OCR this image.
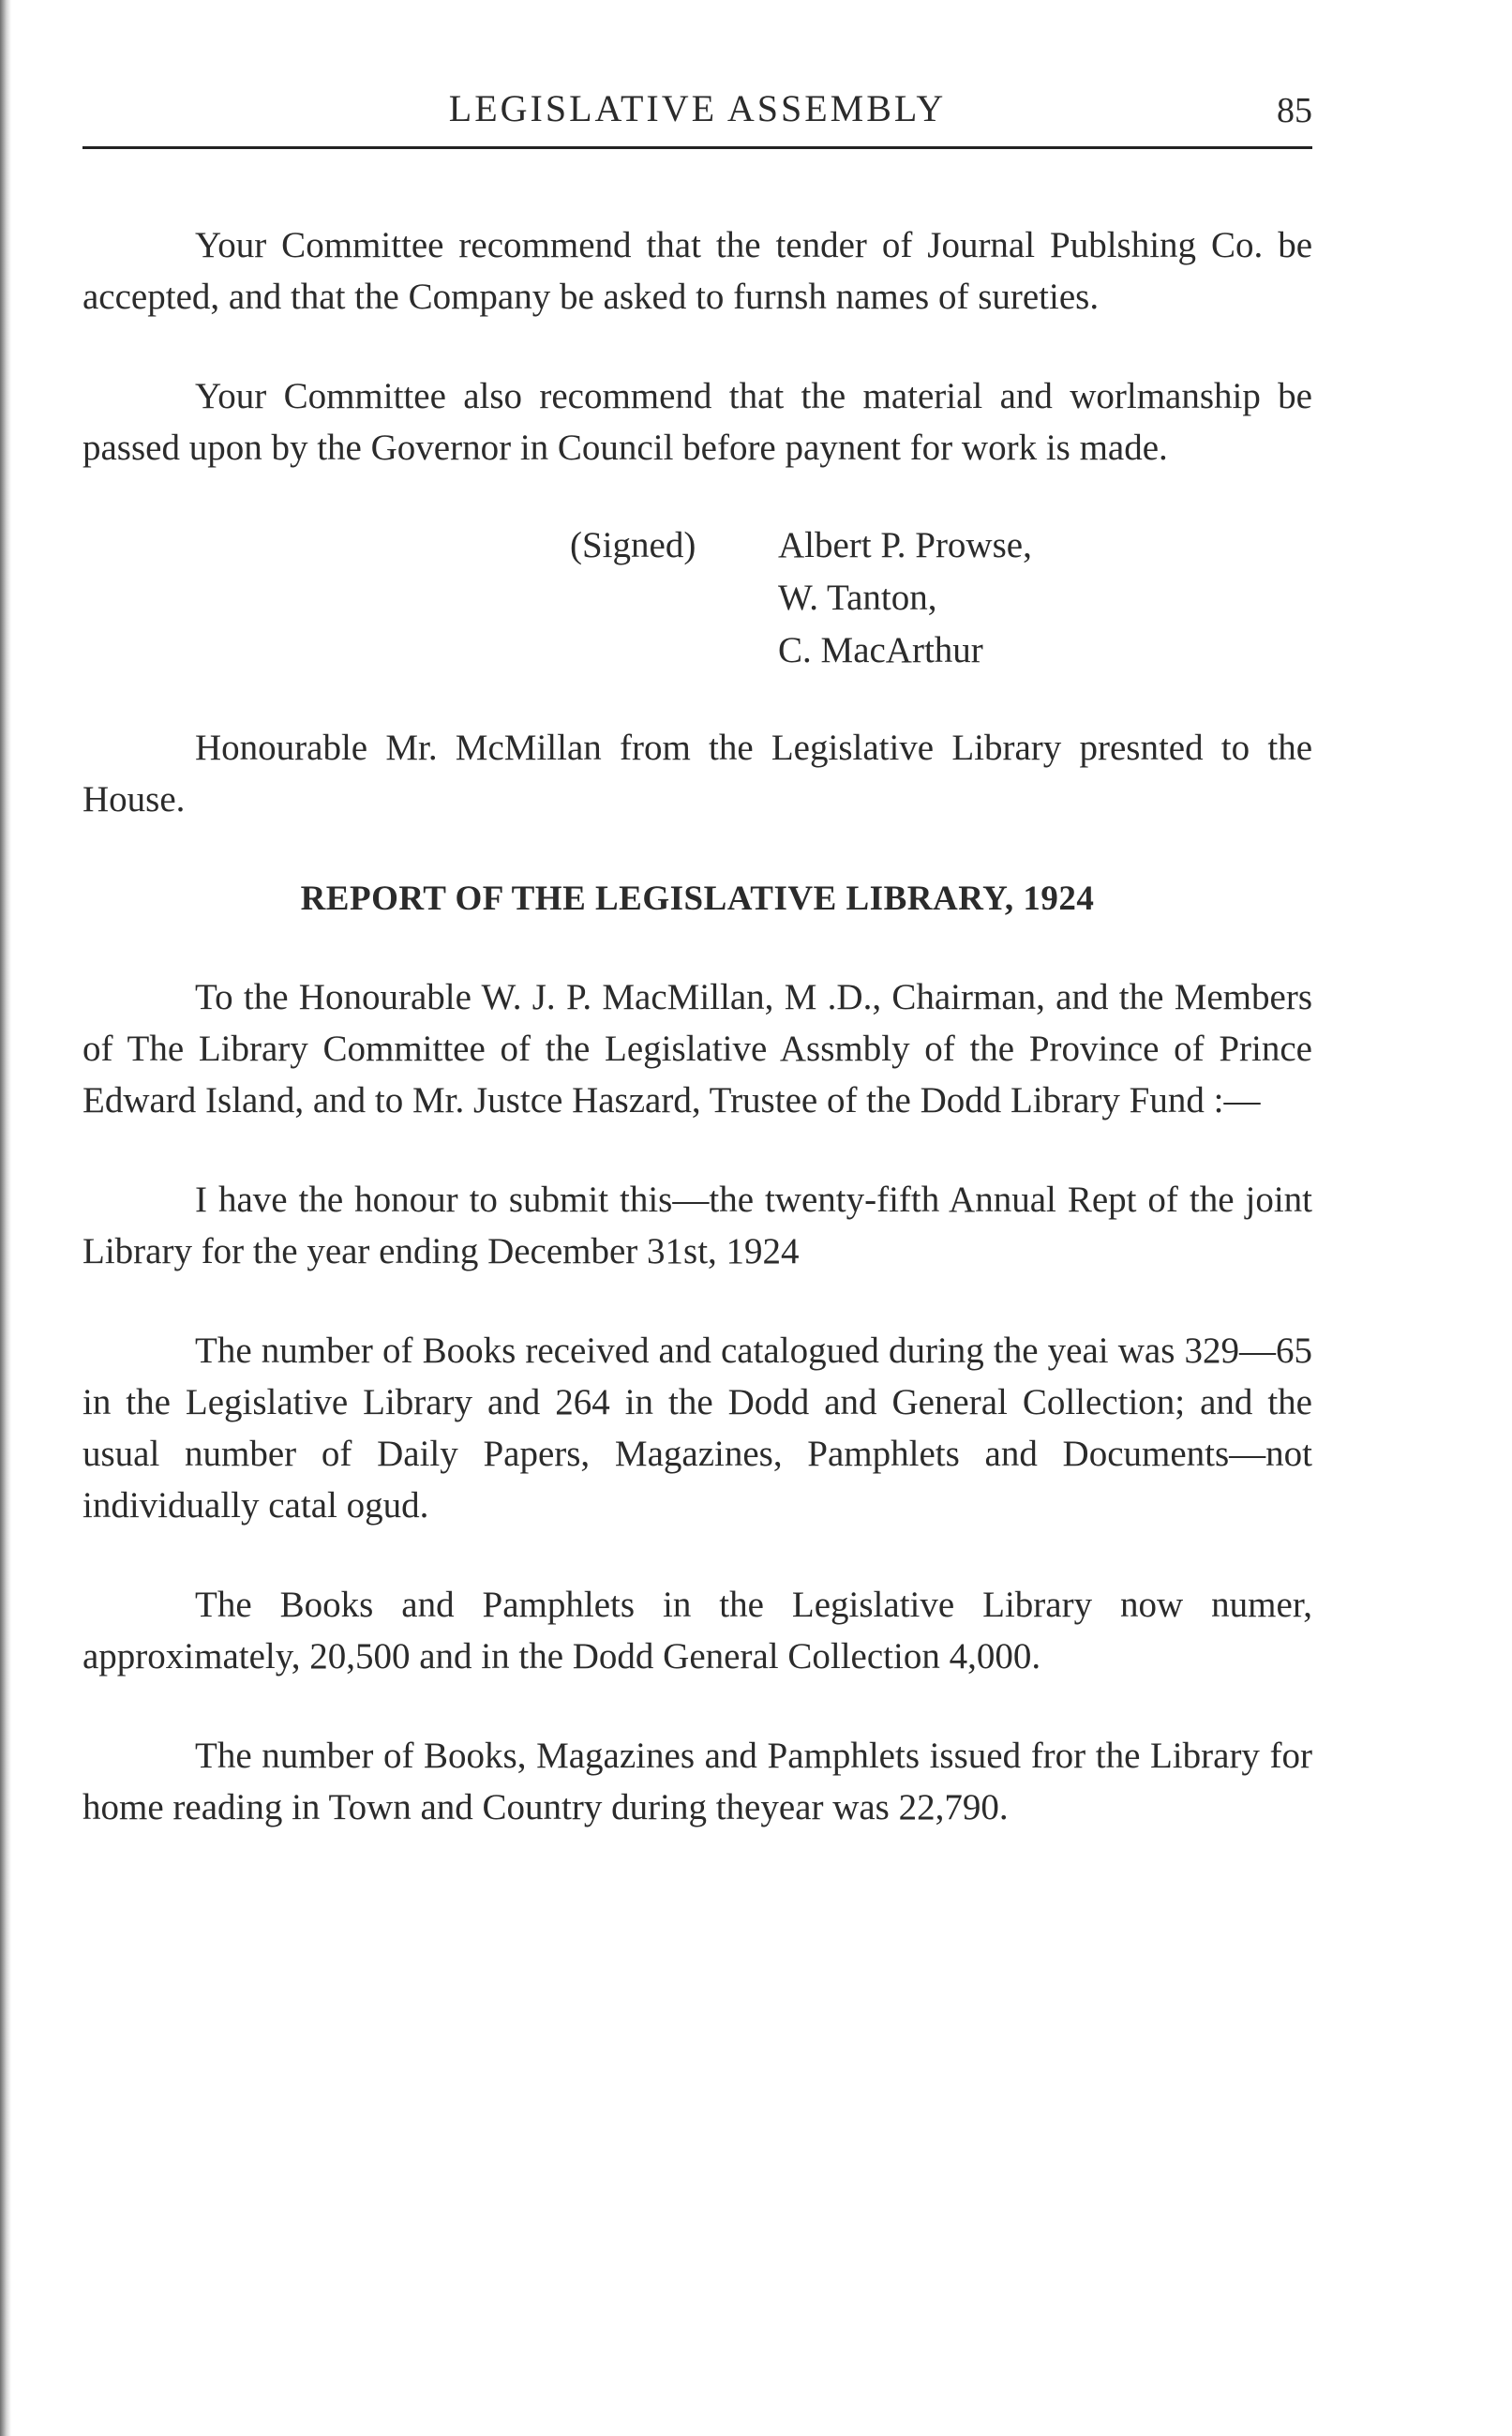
LEGISLATIVE ASSEMBLY	85

Your Committee recommend that the tender of Journal Publshing Co. be accepted, and that the Company be asked to furnsh names of sureties.

Your Committee also recommend that the material and worlmanship be passed upon by the Governor in Council before paynent for work is made.

(Signed)	Albert P. Prowse,
W. Tanton,
C. MacArthur

Honourable Mr. McMillan from the Legislative Library presnted to the House.

REPORT OF THE LEGISLATIVE LIBRARY, 1924

To the Honourable W. J. P. MacMillan, M .D., Chairman, and the Members of The Library Committee of the Legislative Assmbly of the Province of Prince Edward Island, and to Mr. Justce Haszard, Trustee of the Dodd Library Fund :—

I have the honour to submit this—the twenty-fifth Annual Rept of the joint Library for the year ending December 31st, 1924

The number of Books received and catalogued during the yeai was 329—65 in the Legislative Library and 264 in the Dodd and General Collection; and the usual number of Daily Papers, Magazines, Pamphlets and Documents—not individually catal ogud.

The Books and Pamphlets in the Legislative Library now numer, approximately, 20,500 and in the Dodd General Collection 4,000.

The number of Books, Magazines and Pamphlets issued fror the Library for home reading in Town and Country during theyear was 22,790.
